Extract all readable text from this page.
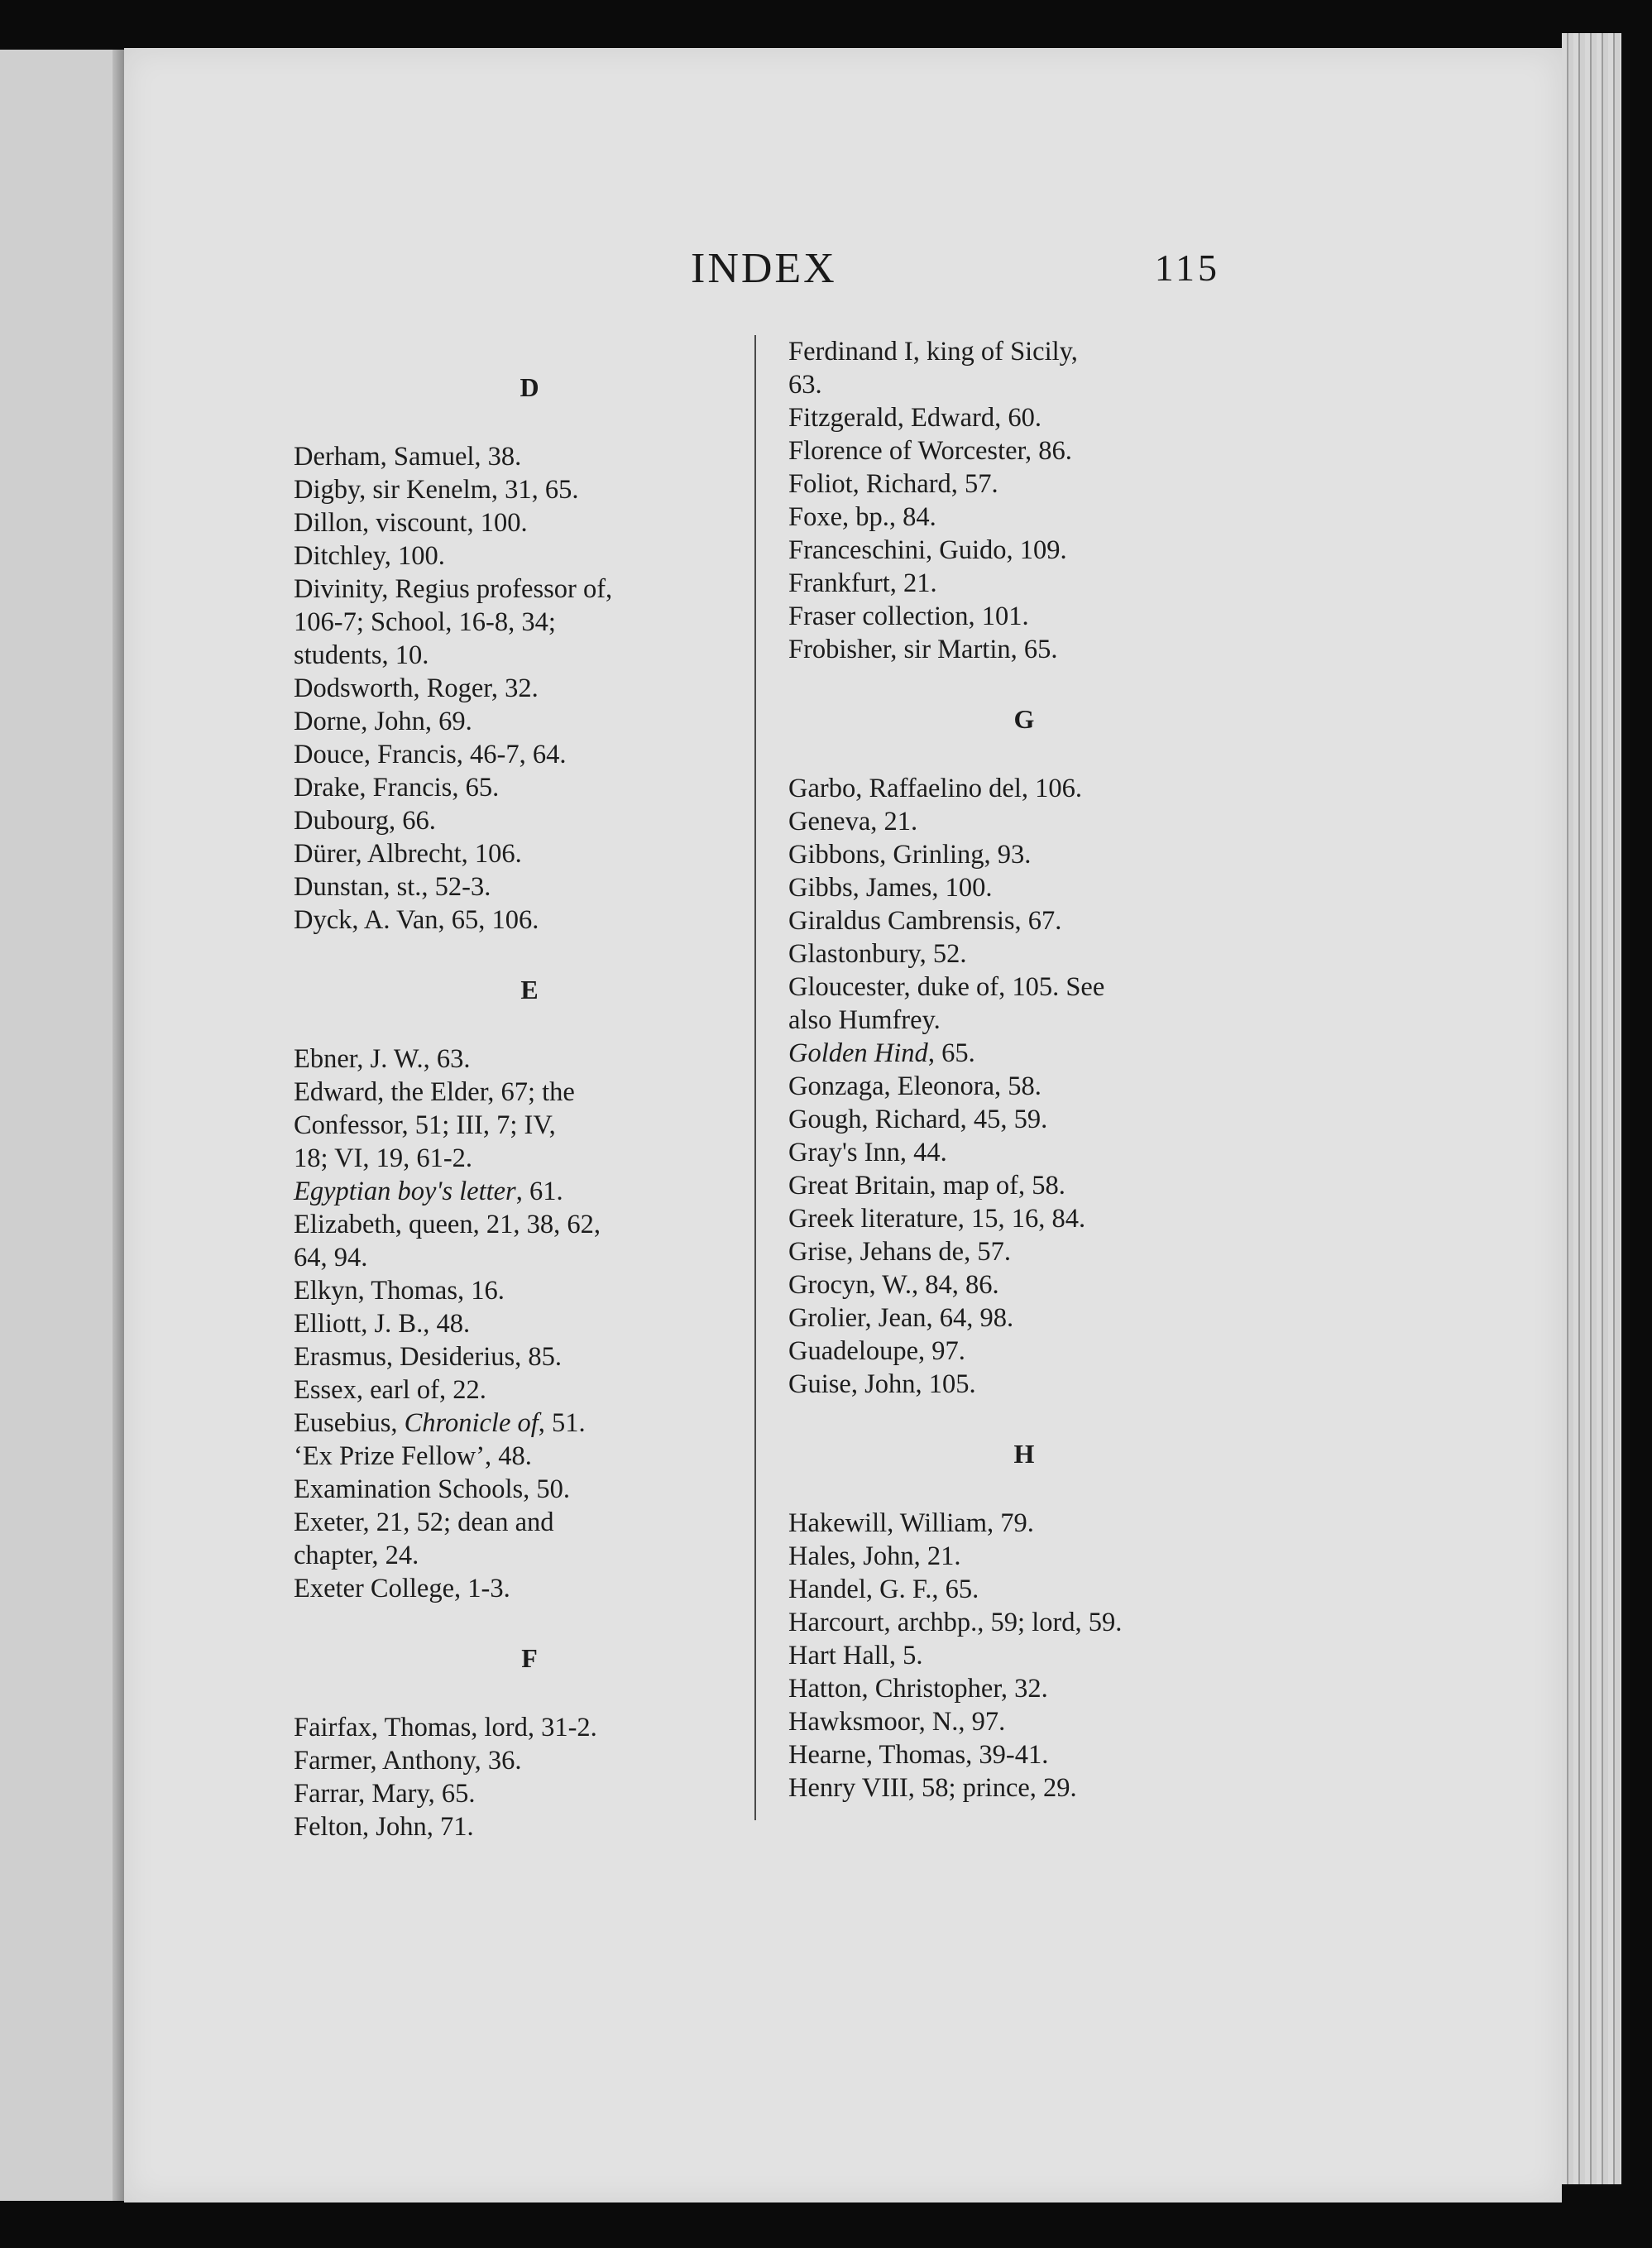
INDEX	115
D
Derham, Samuel, 38.
Digby, sir Kenelm, 31, 65.
Dillon, viscount, 100.
Ditchley, 100.
Divinity, Regius professor of,
106-7; School, 16-8, 34;
students, 10.
Dodsworth, Roger, 32.
Dorne, John, 69.
Douce, Francis, 46-7, 64.
Drake, Francis, 65.
Dubourg, 66.
Dürer, Albrecht, 106.
Dunstan, st., 52-3.
Dyck, A. Van, 65, 106.
E
Ebner, J. W., 63.
Edward, the Elder, 67; the
Confessor, 51; III, 7; IV,
18; VI, 19, 61-2.
Egyptian boy's letter, 61.
Elizabeth, queen, 21, 38, 62,
64, 94.
Elkyn, Thomas, 16.
Elliott, J. B., 48.
Erasmus, Desiderius, 85.
Essex, earl of, 22.
Eusebius, Chronicle of, 51.
‘Ex Prize Fellow’, 48.
Examination Schools, 50.
Exeter, 21, 52; dean and
chapter, 24.
Exeter College, 1-3.
F
Fairfax, Thomas, lord, 31-2.
Farmer, Anthony, 36.
Farrar, Mary, 65.
Felton, John, 71.
Ferdinand I, king of Sicily,
63.
Fitzgerald, Edward, 60.
Florence of Worcester, 86.
Foliot, Richard, 57.
Foxe, bp., 84.
Franceschini, Guido, 109.
Frankfurt, 21.
Fraser collection, 101.
Frobisher, sir Martin, 65.
G
Garbo, Raffaelino del, 106.
Geneva, 21.
Gibbons, Grinling, 93.
Gibbs, James, 100.
Giraldus Cambrensis, 67.
Glastonbury, 52.
Gloucester, duke of, 105. See
also Humfrey.
Golden Hind, 65.
Gonzaga, Eleonora, 58.
Gough, Richard, 45, 59.
Gray's Inn, 44.
Great Britain, map of, 58.
Greek literature, 15, 16, 84.
Grise, Jehans de, 57.
Grocyn, W., 84, 86.
Grolier, Jean, 64, 98.
Guadeloupe, 97.
Guise, John, 105.
H
Hakewill, William, 79.
Hales, John, 21.
Handel, G. F., 65.
Harcourt, archbp., 59; lord, 59.
Hart Hall, 5.
Hatton, Christopher, 32.
Hawksmoor, N., 97.
Hearne, Thomas, 39-41.
Henry VIII, 58; prince, 29.
